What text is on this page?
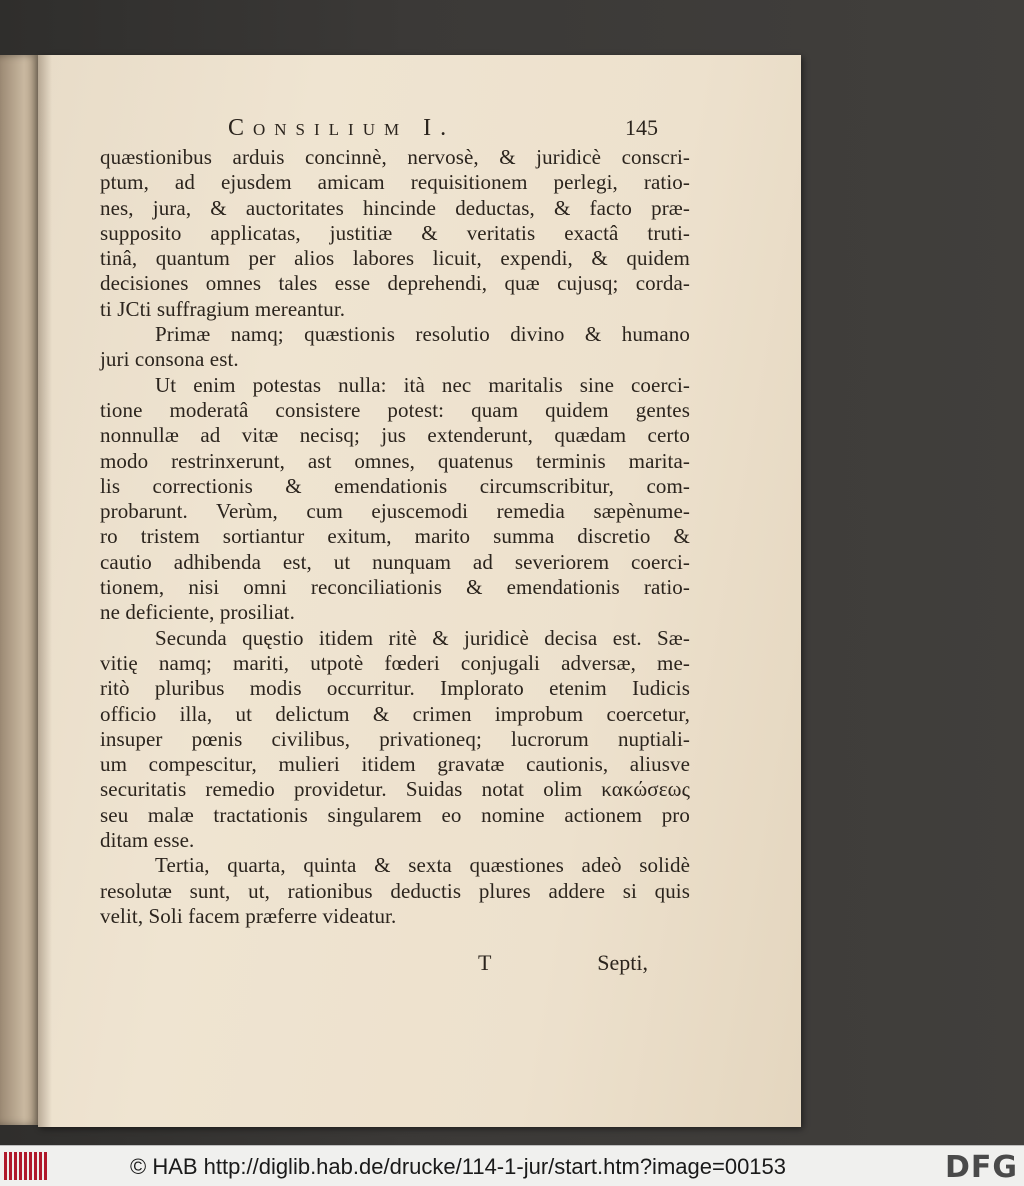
Consilium I.	145
quæstionibus arduis concinnè, nervosè, & juridicè conscri-
ptum, ad ejusdem amicam requisitionem perlegi, ratio-
nes, jura, & auctoritates hincinde deductas, & facto præ-
supposito applicatas, justitiæ & veritatis exactâ truti-
tinâ, quantum per alios labores licuit, expendi, & quidem
decisiones omnes tales esse deprehendi, quæ cujusq; corda-
ti JCti suffragium mereantur.
Primæ namq; quæstionis resolutio divino & humano
juri consona est.
Ut enim potestas nulla: ità nec maritalis sine coerci-
tione moderatâ consistere potest: quam quidem gentes
nonnullæ ad vitæ necisq; jus extenderunt, quædam certo
modo restrinxerunt, ast omnes, quatenus terminis marita-
lis correctionis & emendationis circumscribitur, com-
probarunt. Verùm, cum ejuscemodi remedia sæpènume-
ro tristem sortiantur exitum, marito summa discretio &
cautio adhibenda est, ut nunquam ad severiorem coerci-
tionem, nisi omni reconciliationis & emendationis ratio-
ne deficiente, prosiliat.
Secunda quęstio itidem ritè & juridicè decisa est. Sæ-
vitię namq; mariti, utpotè fœderi conjugali adversæ, me-
ritò pluribus modis occurritur. Implorato etenim Iudicis
officio illa, ut delictum & crimen improbum coercetur,
insuper pœnis civilibus, privationeq; lucrorum nuptiali-
um compescitur, mulieri itidem gravatæ cautionis, aliusve
securitatis remedio providetur. Suidas notat olim κακώσεως
seu malæ tractationis singularem eo nomine actionem pro
ditam esse.
Tertia, quarta, quinta & sexta quæstiones adeò solidè
resolutæ sunt, ut, rationibus deductis plures addere si quis
velit, Soli facem præferre videatur.
T	Septi,
© HAB http://diglib.hab.de/drucke/114-1-jur/start.htm?image=00153	DFG
